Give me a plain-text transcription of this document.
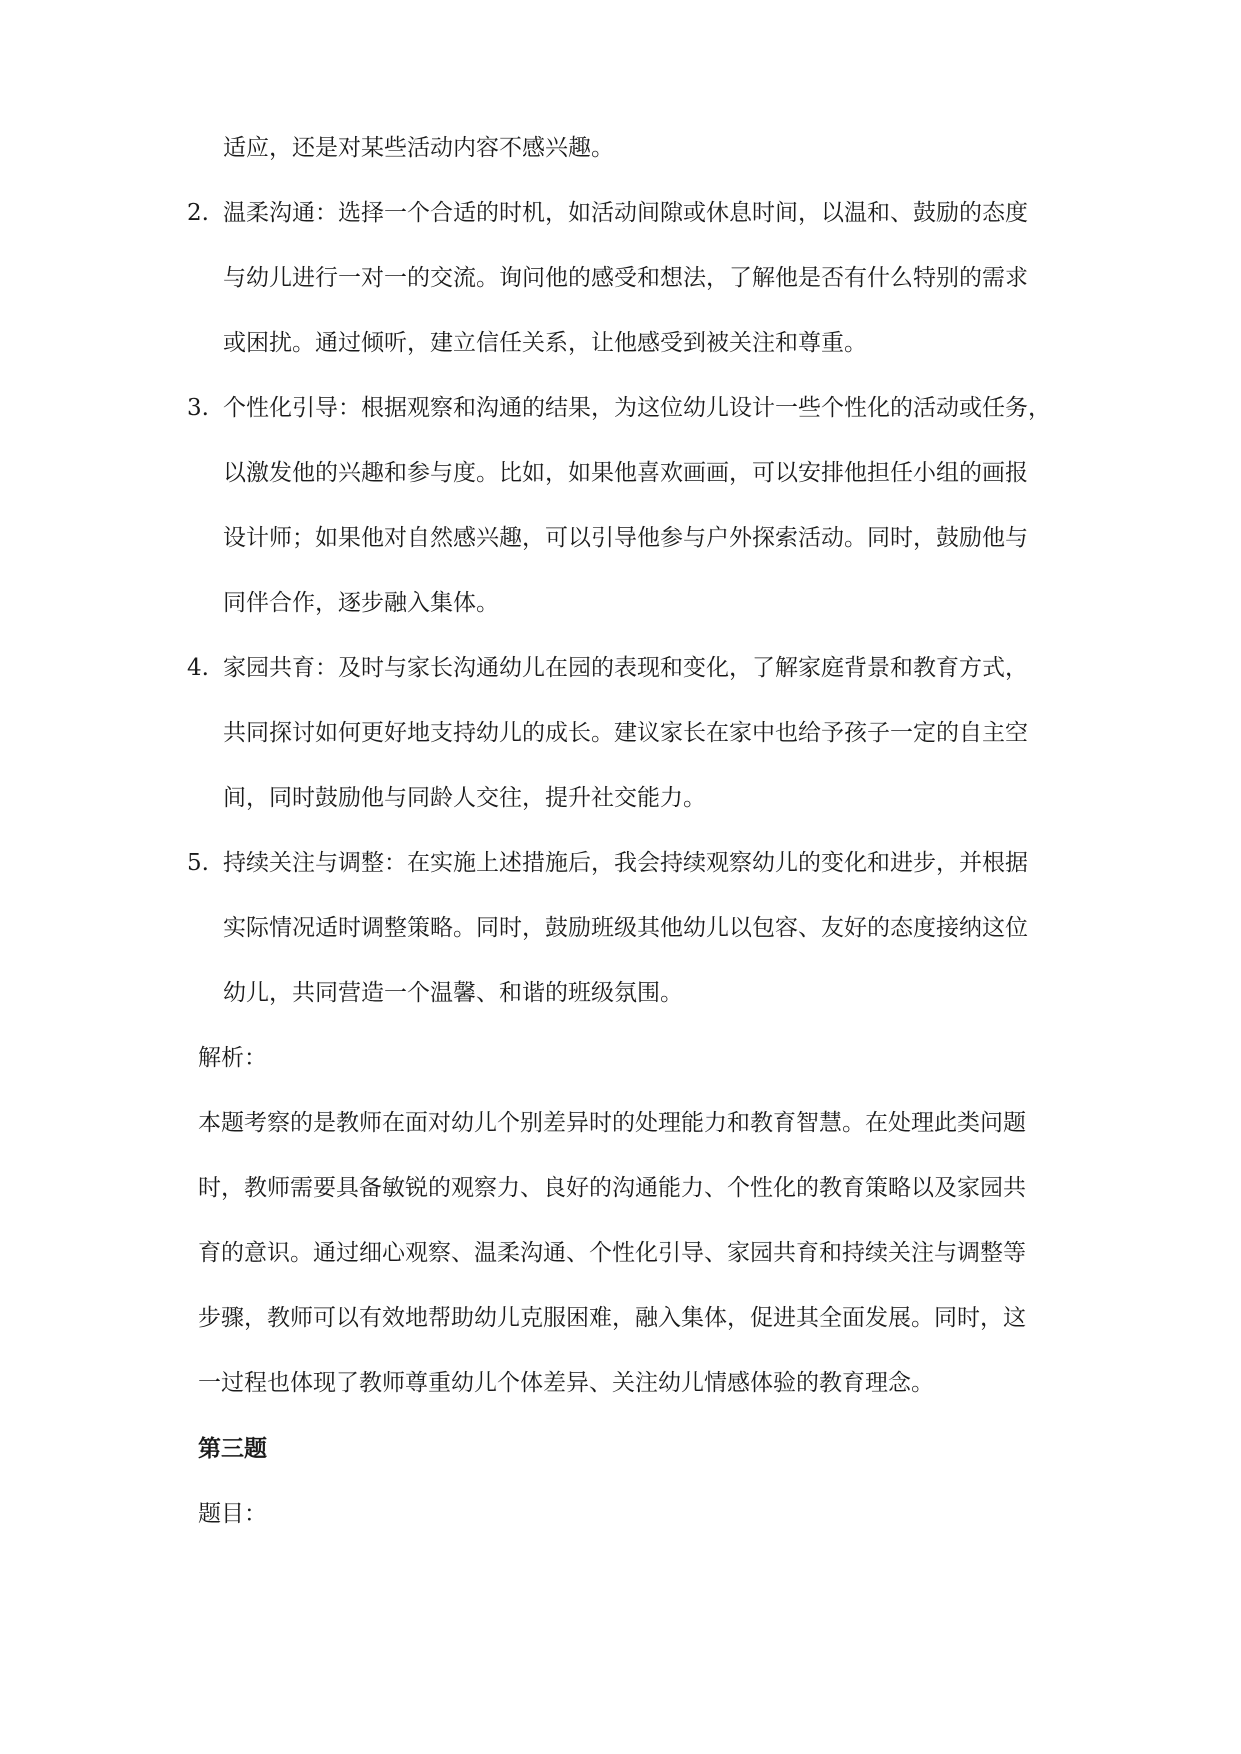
适应，还是对某些活动内容不感兴趣。
2. 温柔沟通：选择一个合适的时机，如活动间隙或休息时间，以温和、鼓励的态度
与幼儿进行一对一的交流。询问他的感受和想法，了解他是否有什么特别的需求
或困扰。通过倾听，建立信任关系，让他感受到被关注和尊重。
3. 个性化引导：根据观察和沟通的结果，为这位幼儿设计一些个性化的活动或任务，
以激发他的兴趣和参与度。比如，如果他喜欢画画，可以安排他担任小组的画报
设计师；如果他对自然感兴趣，可以引导他参与户外探索活动。同时，鼓励他与
同伴合作，逐步融入集体。
4. 家园共育：及时与家长沟通幼儿在园的表现和变化，了解家庭背景和教育方式，
共同探讨如何更好地支持幼儿的成长。建议家长在家中也给予孩子一定的自主空
间，同时鼓励他与同龄人交往，提升社交能力。
5. 持续关注与调整：在实施上述措施后，我会持续观察幼儿的变化和进步，并根据
实际情况适时调整策略。同时，鼓励班级其他幼儿以包容、友好的态度接纳这位
幼儿，共同营造一个温馨、和谐的班级氛围。
解析：
本题考察的是教师在面对幼儿个别差异时的处理能力和教育智慧。在处理此类问题
时，教师需要具备敏锐的观察力、良好的沟通能力、个性化的教育策略以及家园共
育的意识。通过细心观察、温柔沟通、个性化引导、家园共育和持续关注与调整等
步骤，教师可以有效地帮助幼儿克服困难，融入集体，促进其全面发展。同时，这
一过程也体现了教师尊重幼儿个体差异、关注幼儿情感体验的教育理念。
第三题
题目：
